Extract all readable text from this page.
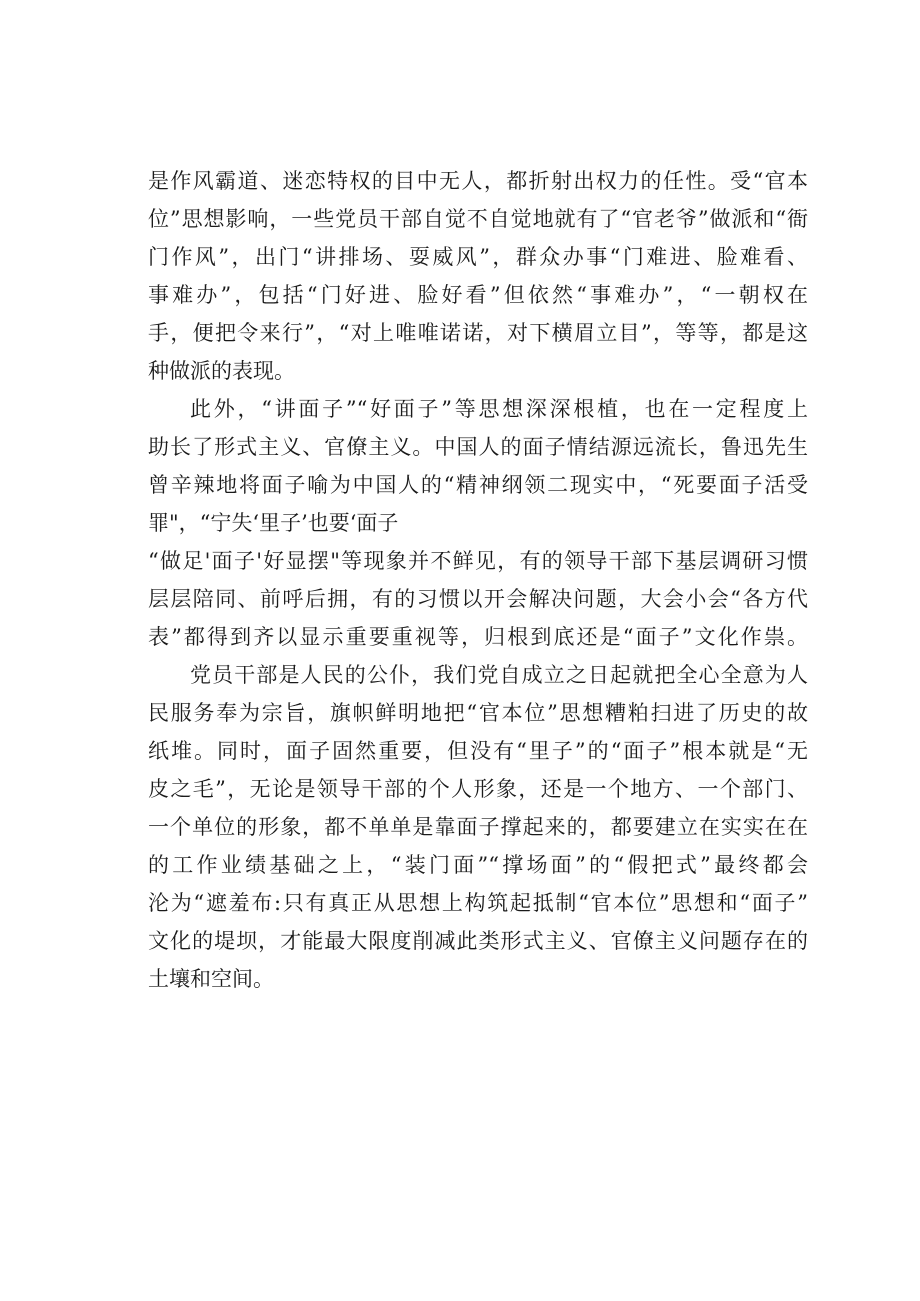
是作风霸道、迷恋特权的目中无人，都折射出权力的任性。受“官本

位”思想影响，一些党员干部自觉不自觉地就有了“官老爷”做派和“衙

门作风”，出门“讲排场、耍威风”，群众办事“门难进、脸难看、

事难办”，包括“门好进、脸好看”但依然“事难办”，“一朝权在

手，便把令来行”，“对上唯唯诺诺，对下横眉立目”，等等，都是这

种做派的表现。

此外，“讲面子”“好面子”等思想深深根植，也在一定程度上

助长了形式主义、官僚主义。中国人的面子情结源远流长，鲁迅先生

曾辛辣地将面子喻为中国人的“精神纲领二现实中，“死要面子活受

罪"，“宁失‘里子’也要‘面子

“做足'面子'好显摆"等现象并不鲜见，有的领导干部下基层调研习惯

层层陪同、前呼后拥，有的习惯以开会解决问题，大会小会“各方代

表”都得到齐以显示重要重视等，归根到底还是“面子”文化作祟。

党员干部是人民的公仆，我们党自成立之日起就把全心全意为人

民服务奉为宗旨，旗帜鲜明地把“官本位”思想糟粕扫进了历史的故

纸堆。同时，面子固然重要，但没有“里子”的“面子”根本就是“无

皮之毛”，无论是领导干部的个人形象，还是一个地方、一个部门、

一个单位的形象，都不单单是靠面子撑起来的，都要建立在实实在在

的工作业绩基础之上，“装门面”“撑场面”的“假把式”最终都会

沦为“遮羞布:只有真正从思想上构筑起抵制“官本位”思想和“面子”

文化的堤坝，才能最大限度削减此类形式主义、官僚主义问题存在的

土壤和空间。
